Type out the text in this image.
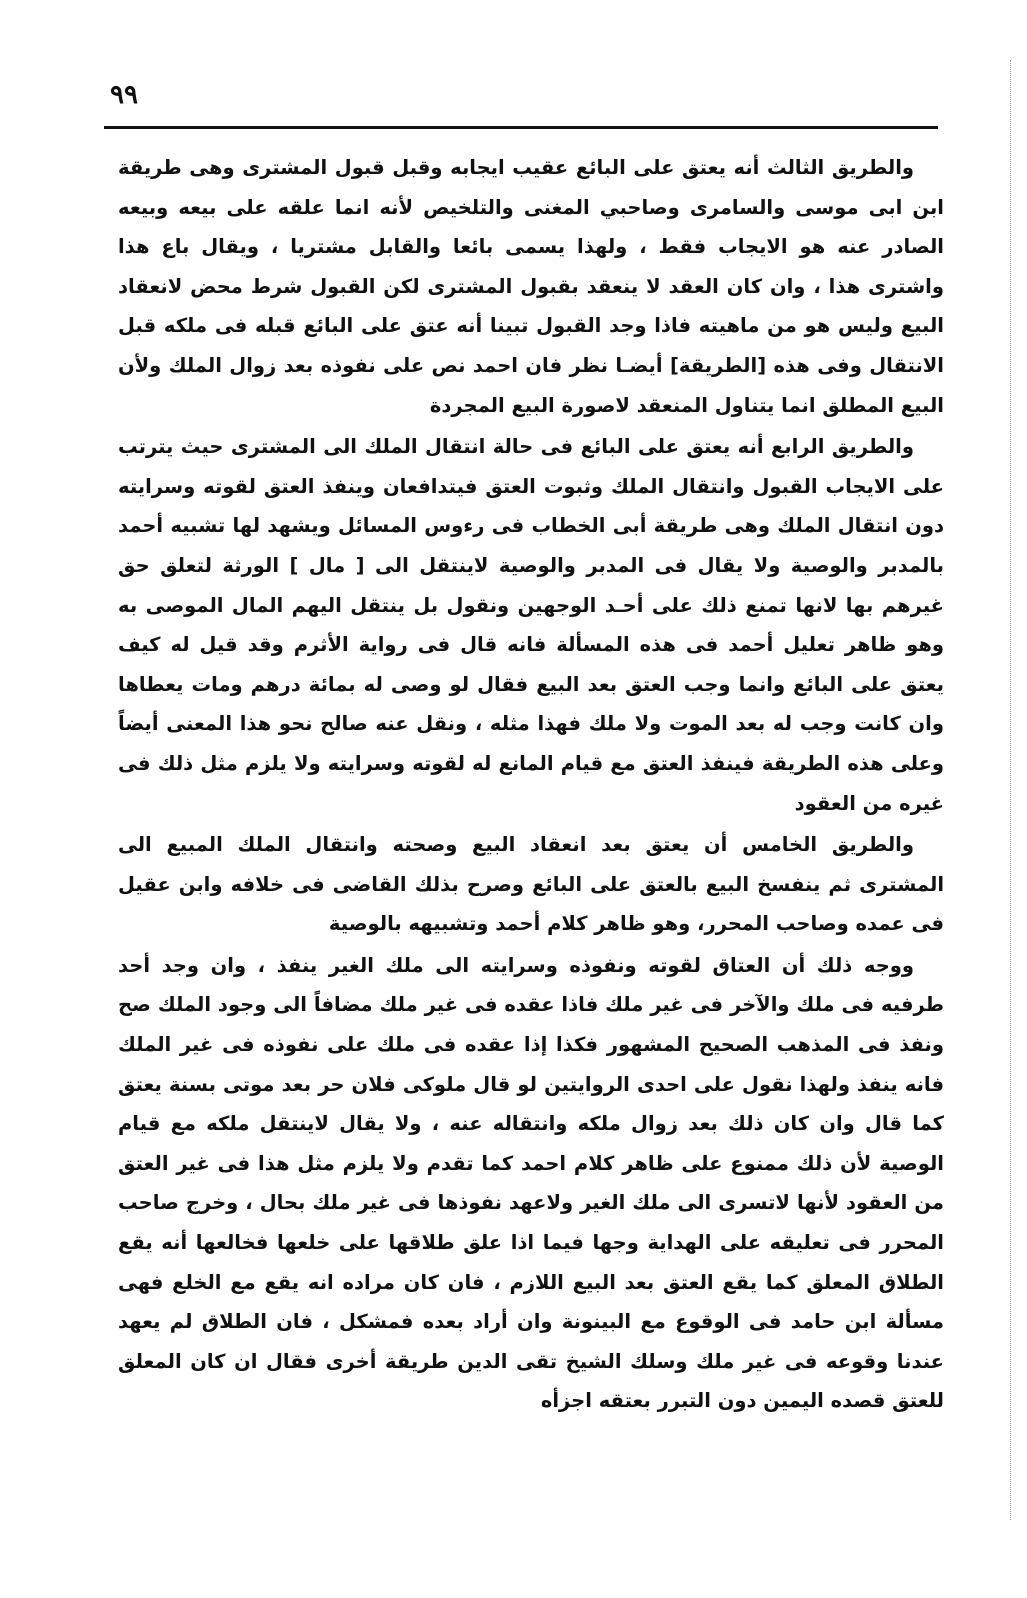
٩٩

والطريق الثالث أنه يعتق على البائع عقيب ايجابه وقبل قبول المشترى وهى طريقة ابن ابى موسى والسامرى وصاحبي المغنى والتلخيص لأنه انما علقه على بيعه وبيعه الصادر عنه هو الايجاب فقط ، ولهذا يسمى بائعا والقابل مشتريا ، ويقال باع هذا واشترى هذا ، وان كان العقد لا ينعقد بقبول المشترى لكن القبول شرط محض لانعقاد البيع وليس هو من ماهيته فاذا وجد القبول تبينا أنه عتق على البائع قبله فى ملكه قبل الانتقال وفى هذه [الطريقة] أيضـا نظر فان احمد نص على نفوذه بعد زوال الملك ولأن البيع المطلق انما يتناول المنعقد لاصورة البيع المجردة

والطريق الرابع أنه يعتق على البائع فى حالة انتقال الملك الى المشترى حيث يترتب على الايجاب القبول وانتقال الملك وثبوت العتق فيتدافعان وينفذ العتق لقوته وسرايته دون انتقال الملك وهى طريقة أبى الخطاب فى رءوس المسائل ويشهد لها تشبيه أحمد بالمدبر والوصية ولا يقال فى المدبر والوصية لاينتقل الى [ مال ] الورثة لتعلق حق غيرهم بها لانها تمنع ذلك على أحـد الوجهين ونقول بل ينتقل اليهم المال الموصى به وهو ظاهر تعليل أحمد فى هذه المسألة فانه قال فى رواية الأثرم وقد قيل له كيف يعتق على البائع وانما وجب العتق بعد البيع فقال لو وصى له بمائة درهم ومات يعطاها وان كانت وجب له بعد الموت ولا ملك فهذا مثله ، ونقل عنه صالح نحو هذا المعنى أيضاً وعلى هذه الطريقة فينفذ العتق مع قيام المانع له لقوته وسرايته ولا يلزم مثل ذلك فى غيره من العقود

والطريق الخامس أن يعتق بعد انعقاد البيع وصحته وانتقال الملك المبيع الى المشترى ثم ينفسخ البيع بالعتق على البائع وصرح بذلك القاضى فى خلافه وابن عقيل فى عمده وصاحب المحرر، وهو ظاهر كلام أحمد وتشبيهه بالوصية

ووجه ذلك أن العتاق لقوته ونفوذه وسرايته الى ملك الغير ينفذ ، وان وجد أحد طرفيه فى ملك والآخر فى غير ملك فاذا عقده فى غير ملك مضافاً الى وجود الملك صح ونفذ فى المذهب الصحيح المشهور فكذا إذا عقده فى ملك على نفوذه فى غير الملك فانه ينفذ ولهذا نقول على احدى الروايتين لو قال ملوكى فلان حر بعد موتى بسنة يعتق كما قال وان كان ذلك بعد زوال ملكه وانتقاله عنه ، ولا يقال لاينتقل ملكه مع قيام الوصية لأن ذلك ممنوع على ظاهر كلام احمد كما تقدم ولا يلزم مثل هذا فى غير العتق من العقود لأنها لاتسرى الى ملك الغير ولاعهد نفوذها فى غير ملك بحال ، وخرج صاحب المحرر فى تعليقه على الهداية وجها فيما اذا علق طلاقها على خلعها فخالعها أنه يقع الطلاق المعلق كما يقع العتق بعد البيع اللازم ، فان كان مراده انه يقع مع الخلع فهى مسألة ابن حامد فى الوقوع مع البينونة وان أراد بعده فمشكل ، فان الطلاق لم يعهد عندنا وقوعه فى غير ملك وسلك الشيخ تقى الدين طريقة أخرى فقال ان كان المعلق للعتق قصده اليمين دون التبرر بعتقه اجزأه
